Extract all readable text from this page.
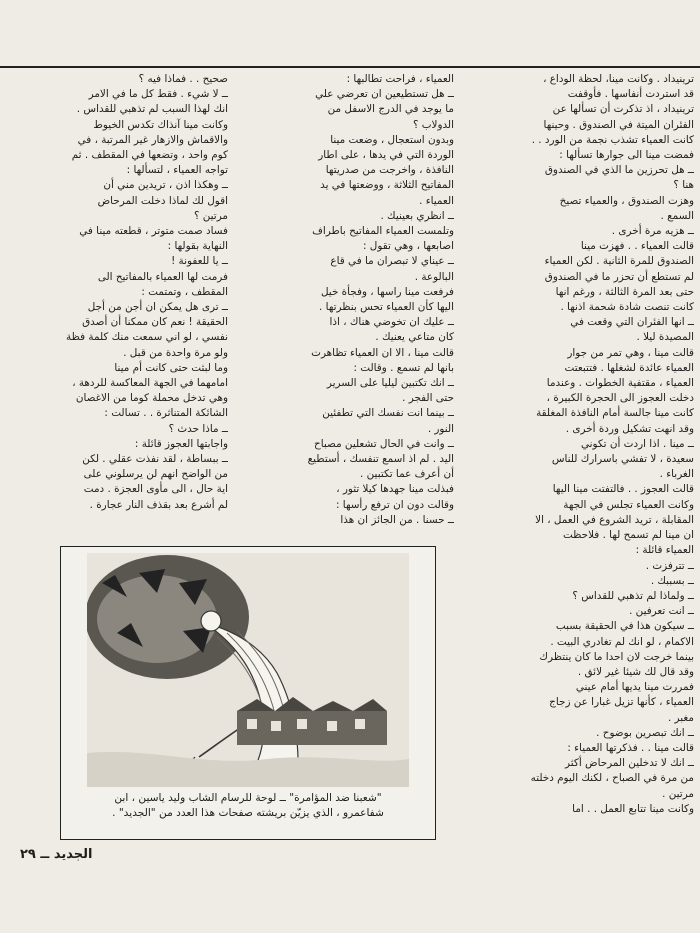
ترينيداد . وكانت مينا، لحظة الوداع ،

قد استردت أنفاسها . فأوقفت

ترينيداد ، اذ تذكرت أن تسألها عن

الفئران الميتة في الصندوق . وحينها

كانت العمياء تشذب نجمة من الورد . .

فمضت مينا الى جوارها تسألها :

ــ هل تحرزين ما الذي في الصندوق

هنا ؟

وهزت الصندوق ، والعمياء تصيخ

السمع .

ــ هزيه مرة أخرى .

قالت العمياء . . فهزت مينا

الصندوق للمرة الثانية . لكن العمياء

لم تستطع أن تحزر ما في الصندوق

حتى بعد المرة الثالثة ، ورغم انها

كانت تنصت شادة شحمة اذنها .

ــ انها الفئران التي وقعت في

المصيدة ليلا .

قالت مينا ، وهي تمر من جوار

العمياء عائدة لشغلها . فتتبعتت

العمياء ، مقتفية الخطوات . وعندما

دخلت العجوز الى الحجرة الكبيرة ،

كانت مينا جالسة أمام النافذة المغلقة

وقد انهت تشكيل وردة أخرى .

ــ مينا . اذا اردت أن تكوني

سعيدة ، لا تفشي باسرارك للناس

الغرباء .

قالت العجوز . . فالتفتت مينا اليها

وكانت العمياء تجلس في الجهة

المقابلة ، تريد الشروع في العمل ، الا

ان مينا لم تسمح لها . فلاحظت

العمياء قائلة :

ــ تترفزت .

ــ بسببك .

ــ ولماذا لم تذهبي للقداس ؟

ــ انت تعرفين .

ــ سيكون هذا في الحقيقة بسبب

الاكمام ، لو انك لم تغادري البيت .

بينما خرجت لان احدا ما كان ينتظرك

وقد قال لك شيئا غير لائق .

فمررت مينا يديها أمام عيني

العمياء ، كأنها تزيل غبارا عن زجاج

مغبر .

ــ انك تبصرين بوضوح .

قالت مينا . . فذكرتها العمياء :

ــ انك لا تدخلين المرحاض أكثر

من مرة في الصباح ، لكنك اليوم دخلته

مرتين .

وكانت مينا تتابع العمل . . اما

العمياء ، فراحت تطالبها :

ــ هل تستطيعين ان تعرضي علي

ما يوجد في الدرج الاسفل من

الدولاب ؟

وبدون استعجال ، وضعت مينا

الوردة التي في يدها ، على اطار

النافذة ، واخرجت من صدريتها

المفاتيح الثلاثة ، ووضعتها في يد

العمياء .

ــ انظري بعينيك .

وتلمست العمياء المفاتيح باطراف

اصابعها ، وهي تقول :

ــ عيناي لا تبصران ما في قاع

البالوعة .

فرفعت مينا راسها ، وفجأة خيل

اليها كأن العمياء تحس بنظرتها .

ــ عليك ان تخوضي هناك ، اذا

كان متاعي يعنيك .

قالت مينا ، الا ان العمياء تظاهرت

بانها لم تسمع . وقالت :

ــ انك تكتبين ليليا على السرير

حتى الفجر .

ــ بينما انت نفسك التي تطفئين

النور .

ــ وانت في الحال تشعلين مصباح

اليد . لم اذ اسمع تنفسك ، أستطيع

أن أعرف عما تكتبين .

فبذلت مينا جهدها كيلا تثور ،

وقالت دون ان ترفع رأسها :

ــ حسنا . من الجائز ان هذا

صحيح . . فماذا فيه ؟

ــ لا شيء . فقط كل ما في الامر

انك لهذا السبب لم تذهبي للقداس .

وكانت مينا آنذاك تكدس الخيوط

والاقماش والازهار غير المرتبة ، في

كوم واحد ، وتضعها في المقطف . ثم

تواجه العمياء ، لتسألها :

ــ وهكذا اذن ، تريدين مني أن

اقول لك لماذا دخلت المرحاض

مرتين ؟

فساد صمت متوتر ، قطعته مينا في

النهاية بقولها :

ــ يا للعفونة !

فرمت لها العمياء بالمفاتيح الى

المقطف ، وتمتمت :

ــ ترى هل يمكن ان أجن من أجل

الحقيقة ! نعم كان ممكنا أن أصدق

نفسي ، لو اني سمعت منك كلمة فظة

ولو مرة واحدة من قبل .

وما لبثت حتى كانت أم مينا

امامهما في الجهة المعاكسة للردهة ،

وهي تدخل محملة كوما من الاغصان

الشائكة المتناثرة . . تسالت :

ــ ماذا حدث ؟

واجابتها العجوز قائلة :

ــ ببساطة ، لقد نفذت عقلي . لكن

من الواضح انهم لن يرسلوني على

اية حال ، الى مأوى العجزة . دمت

لم أشرع بعد بقذف النار عجارة .

"شعبنا ضد المؤامرة" ــ لوحة للرسام الشاب وليد ياسين ، ابن
شفاعمرو ، الذي يزيّن بريشته صفحات هذا العدد من "الجديد" .
الجديد ــ ٢٩
